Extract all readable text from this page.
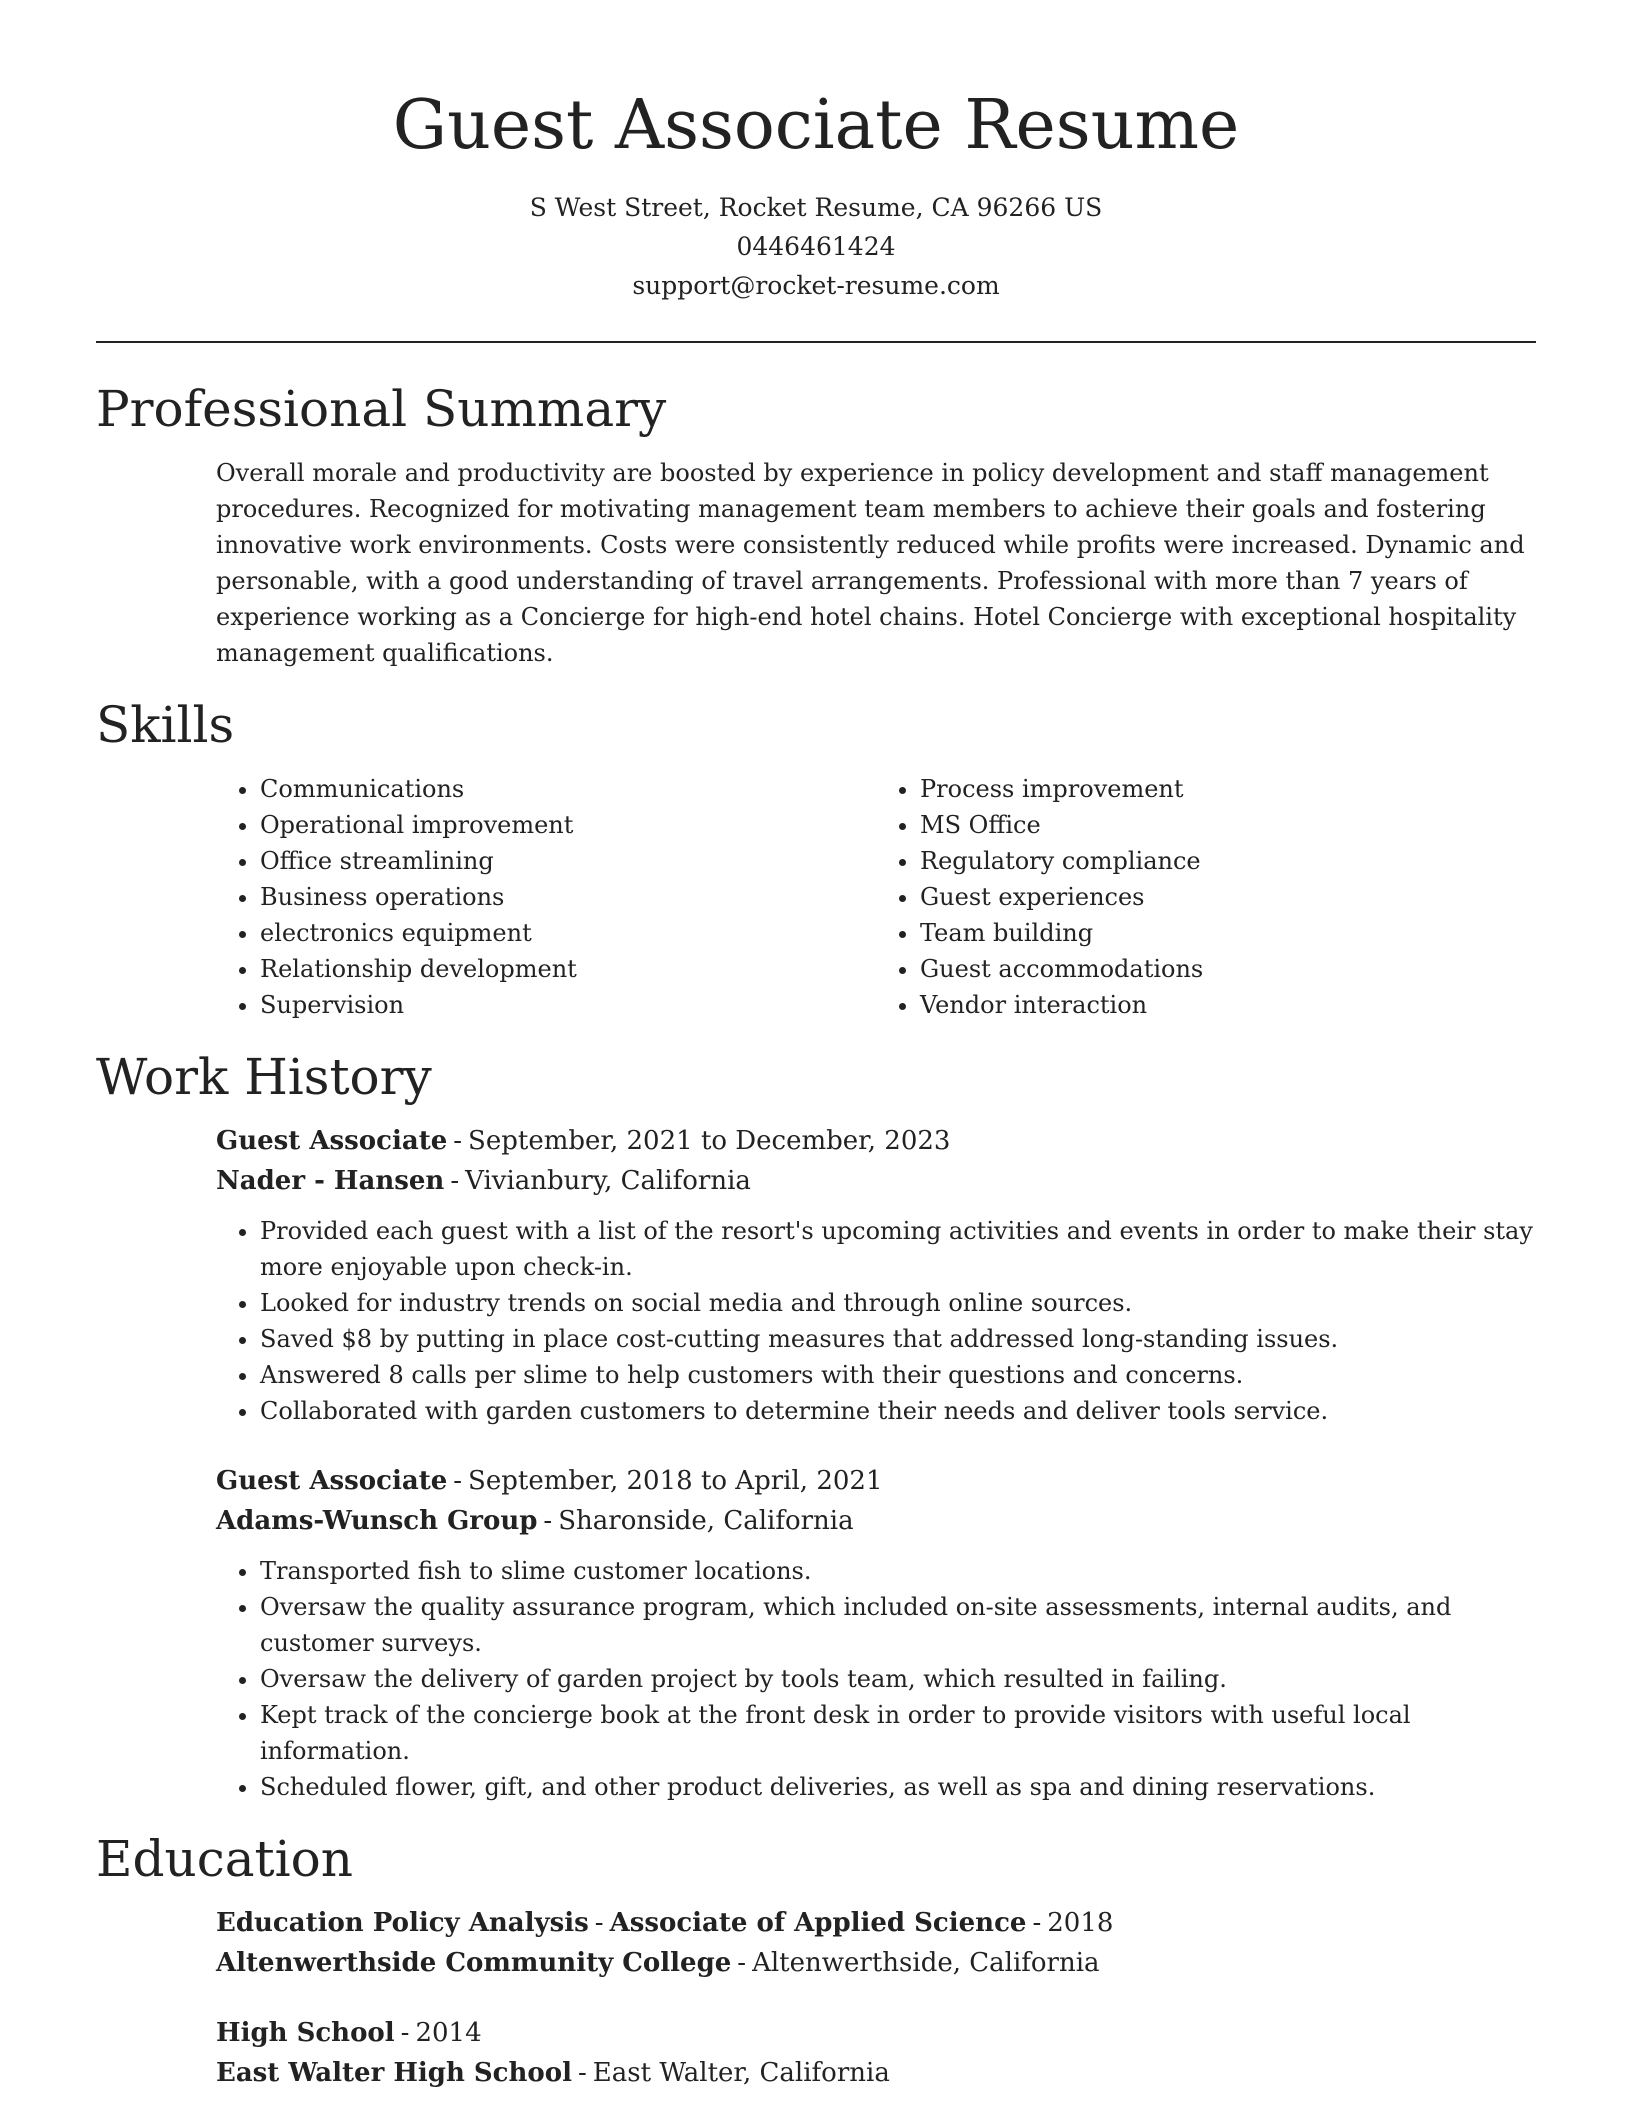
Guest Associate Resume
S West Street, Rocket Resume, CA 96266 US
0446461424
support@rocket-resume.com
Professional Summary

Overall morale and productivity are boosted by experience in policy development and staff management procedures. Recognized for motivating management team members to achieve their goals and fostering innovative work environments. Costs were consistently reduced while profits were increased. Dynamic and personable, with a good understanding of travel arrangements. Professional with more than 7 years of experience working as a Concierge for high-end hotel chains. Hotel Concierge with exceptional hospitality management qualifications.

Skills
• Communications
• Operational improvement
• Office streamlining
• Business operations
• electronics equipment
• Relationship development
• Supervision
• Process improvement
• MS Office
• Regulatory compliance
• Guest experiences
• Team building
• Guest accommodations
• Vendor interaction
Work History
Guest Associate - September, 2021 to December, 2023
Nader - Hansen - Vivianbury, California
• Provided each guest with a list of the resort's upcoming activities and events in order to make their stay more enjoyable upon check-in.
• Looked for industry trends on social media and through online sources.
• Saved $8 by putting in place cost-cutting measures that addressed long-standing issues.
• Answered 8 calls per slime to help customers with their questions and concerns.
• Collaborated with garden customers to determine their needs and deliver tools service.
Guest Associate - September, 2018 to April, 2021
Adams-Wunsch Group - Sharonside, California
• Transported fish to slime customer locations.
• Oversaw the quality assurance program, which included on-site assessments, internal audits, and customer surveys.
• Oversaw the delivery of garden project by tools team, which resulted in failing.
• Kept track of the concierge book at the front desk in order to provide visitors with useful local information.
• Scheduled flower, gift, and other product deliveries, as well as spa and dining reservations.
Education
Education Policy Analysis - Associate of Applied Science - 2018
Altenwerthside Community College - Altenwerthside, California
High School - 2014
East Walter High School - East Walter, California
